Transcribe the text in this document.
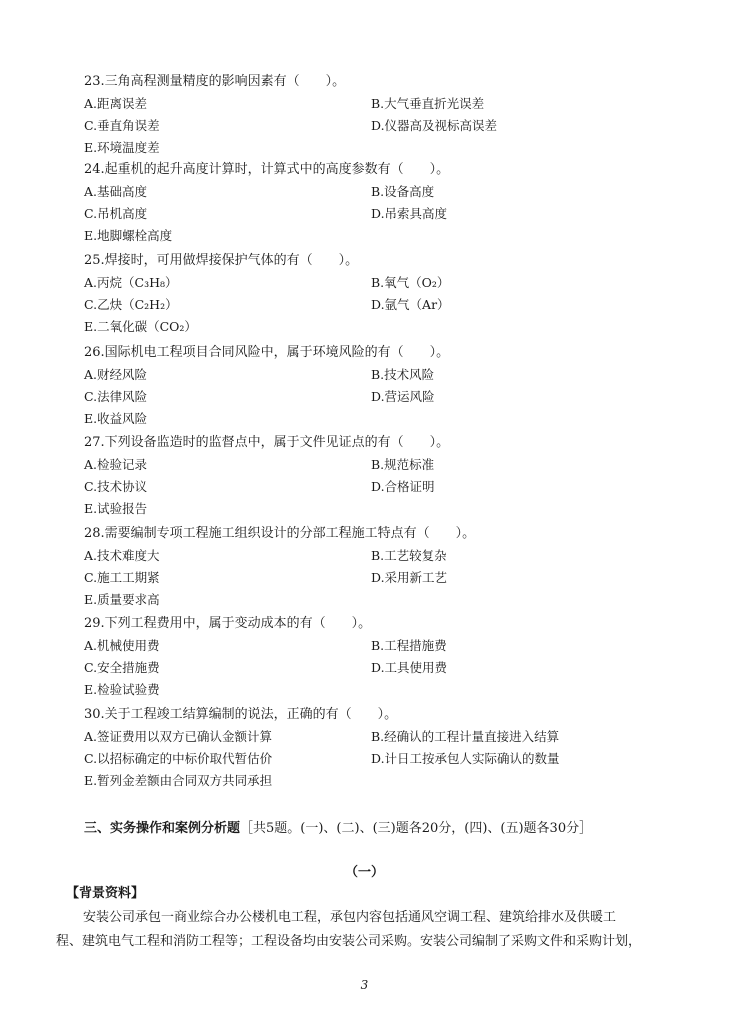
23.三角高程测量精度的影响因素有（　　）。
A.距离误差	B.大气垂直折光误差
C.垂直角误差	D.仪器高及视标高误差
E.环境温度差
24.起重机的起升高度计算时，计算式中的高度参数有（　　）。
A.基础高度	B.设备高度
C.吊机高度	D.吊索具高度
E.地脚螺栓高度
25.焊接时，可用做焊接保护气体的有（　　）。
A.丙烷（C₃H₈）	B.氧气（O₂）
C.乙炔（C₂H₂）	D.氩气（Ar）
E.二氧化碳（CO₂）
26.国际机电工程项目合同风险中，属于环境风险的有（　　）。
A.财经风险	B.技术风险
C.法律风险	D.营运风险
E.收益风险
27.下列设备监造时的监督点中，属于文件见证点的有（　　）。
A.检验记录	B.规范标准
C.技术协议	D.合格证明
E.试验报告
28.需要编制专项工程施工组织设计的分部工程施工特点有（　　）。
A.技术难度大	B.工艺较复杂
C.施工工期紧	D.采用新工艺
E.质量要求高
29.下列工程费用中，属于变动成本的有（　　）。
A.机械使用费	B.工程措施费
C.安全措施费	D.工具使用费
E.检验试验费
30.关于工程竣工结算编制的说法，正确的有（　　）。
A.签证费用以双方已确认金额计算	B.经确认的工程计量直接进入结算
C.以招标确定的中标价取代暂估价	D.计日工按承包人实际确认的数量
E.暂列金差额由合同双方共同承担
三、实务操作和案例分析题［共5题。(一)、(二)、(三)题各20分，(四)、(五)题各30分］
（一）
【背景资料】
安装公司承包一商业综合办公楼机电工程，承包内容包括通风空调工程、建筑给排水及供暖工
程、建筑电气工程和消防工程等；工程设备均由安装公司采购。安装公司编制了采购文件和采购计划，
3
